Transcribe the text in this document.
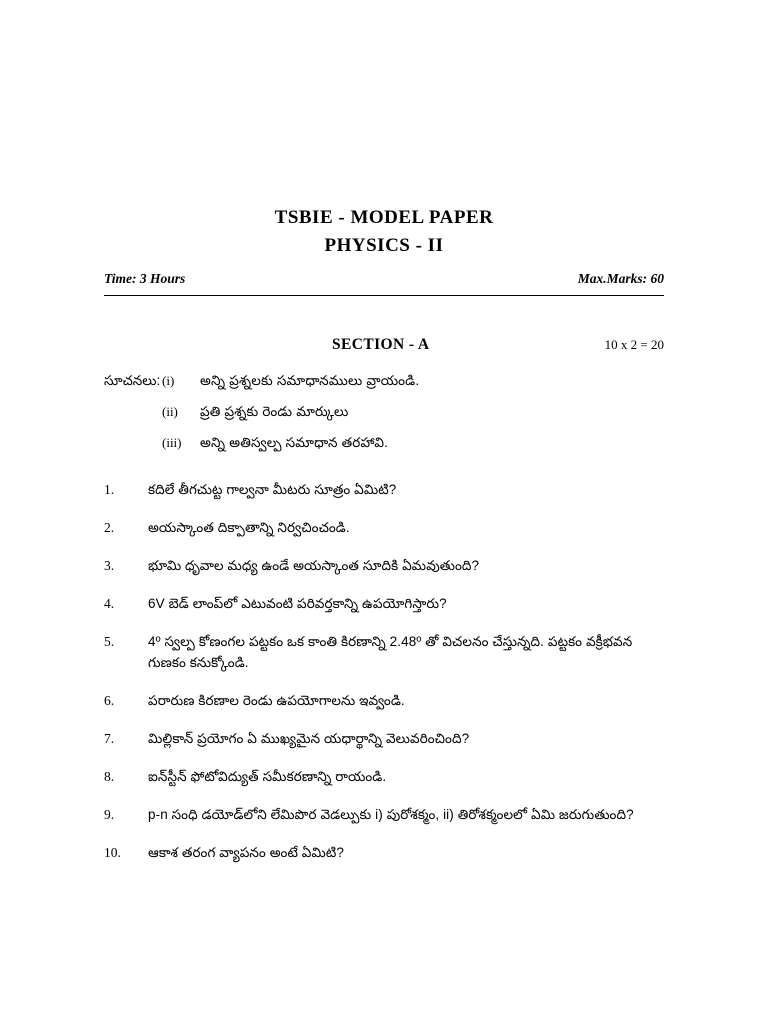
TSBIE - MODEL PAPER
PHYSICS - II
Time: 3 Hours	Max.Marks: 60
SECTION - A	10 x 2 = 20
సూచనలు: (i)	అన్ని ప్రశ్నలకు సమాధానములు వ్రాయండి.
(ii)	ప్రతి ప్రశ్నకు రెండు మార్కులు
(iii)	అన్ని అతిస్వల్ప సమాధాన తరహావి.
1.	కదిలే తీగచుట్ట గాల్వనా మీటరు సూత్రం ఏమిటి?
2.	అయస్కాంత దిక్పాతాన్ని నిర్వచించండి.
3.	భూమి ధృవాల మధ్య ఉండే అయస్కాంత సూదికి ఏమవుతుంది?
4.	6V బెడ్ లాంప్‌లో ఎటువంటి పరివర్తకాన్ని ఉపయోగిస్తారు?
5.	4º స్వల్ప కోణంగల పట్టకం ఒక కాంతి కిరణాన్ని 2.48º తో విచలనం చేస్తున్నది. పట్టకం వక్రీభవన గుణకం కనుక్కోండి.
6.	పరారుణ కిరణాల రెండు ఉపయోగాలను ఇవ్వండి.
7.	మిల్లికాన్ ప్రయోగం ఏ ముఖ్యమైన యధార్థాన్ని వెలువరించింది?
8.	ఐన్‌స్టీన్ ఫోటోవిద్యుత్ సమీకరణాన్ని రాయండి.
9.	p-n సంధి డయోడ్‌లోని లేమిపొర వెడల్పుకు i) పురోశక్మం, ii) తిరోశక్మంలలో ఏమి జరుగుతుంది?
10.	ఆకాశ తరంగ వ్యాపనం అంటే ఏమిటి?
